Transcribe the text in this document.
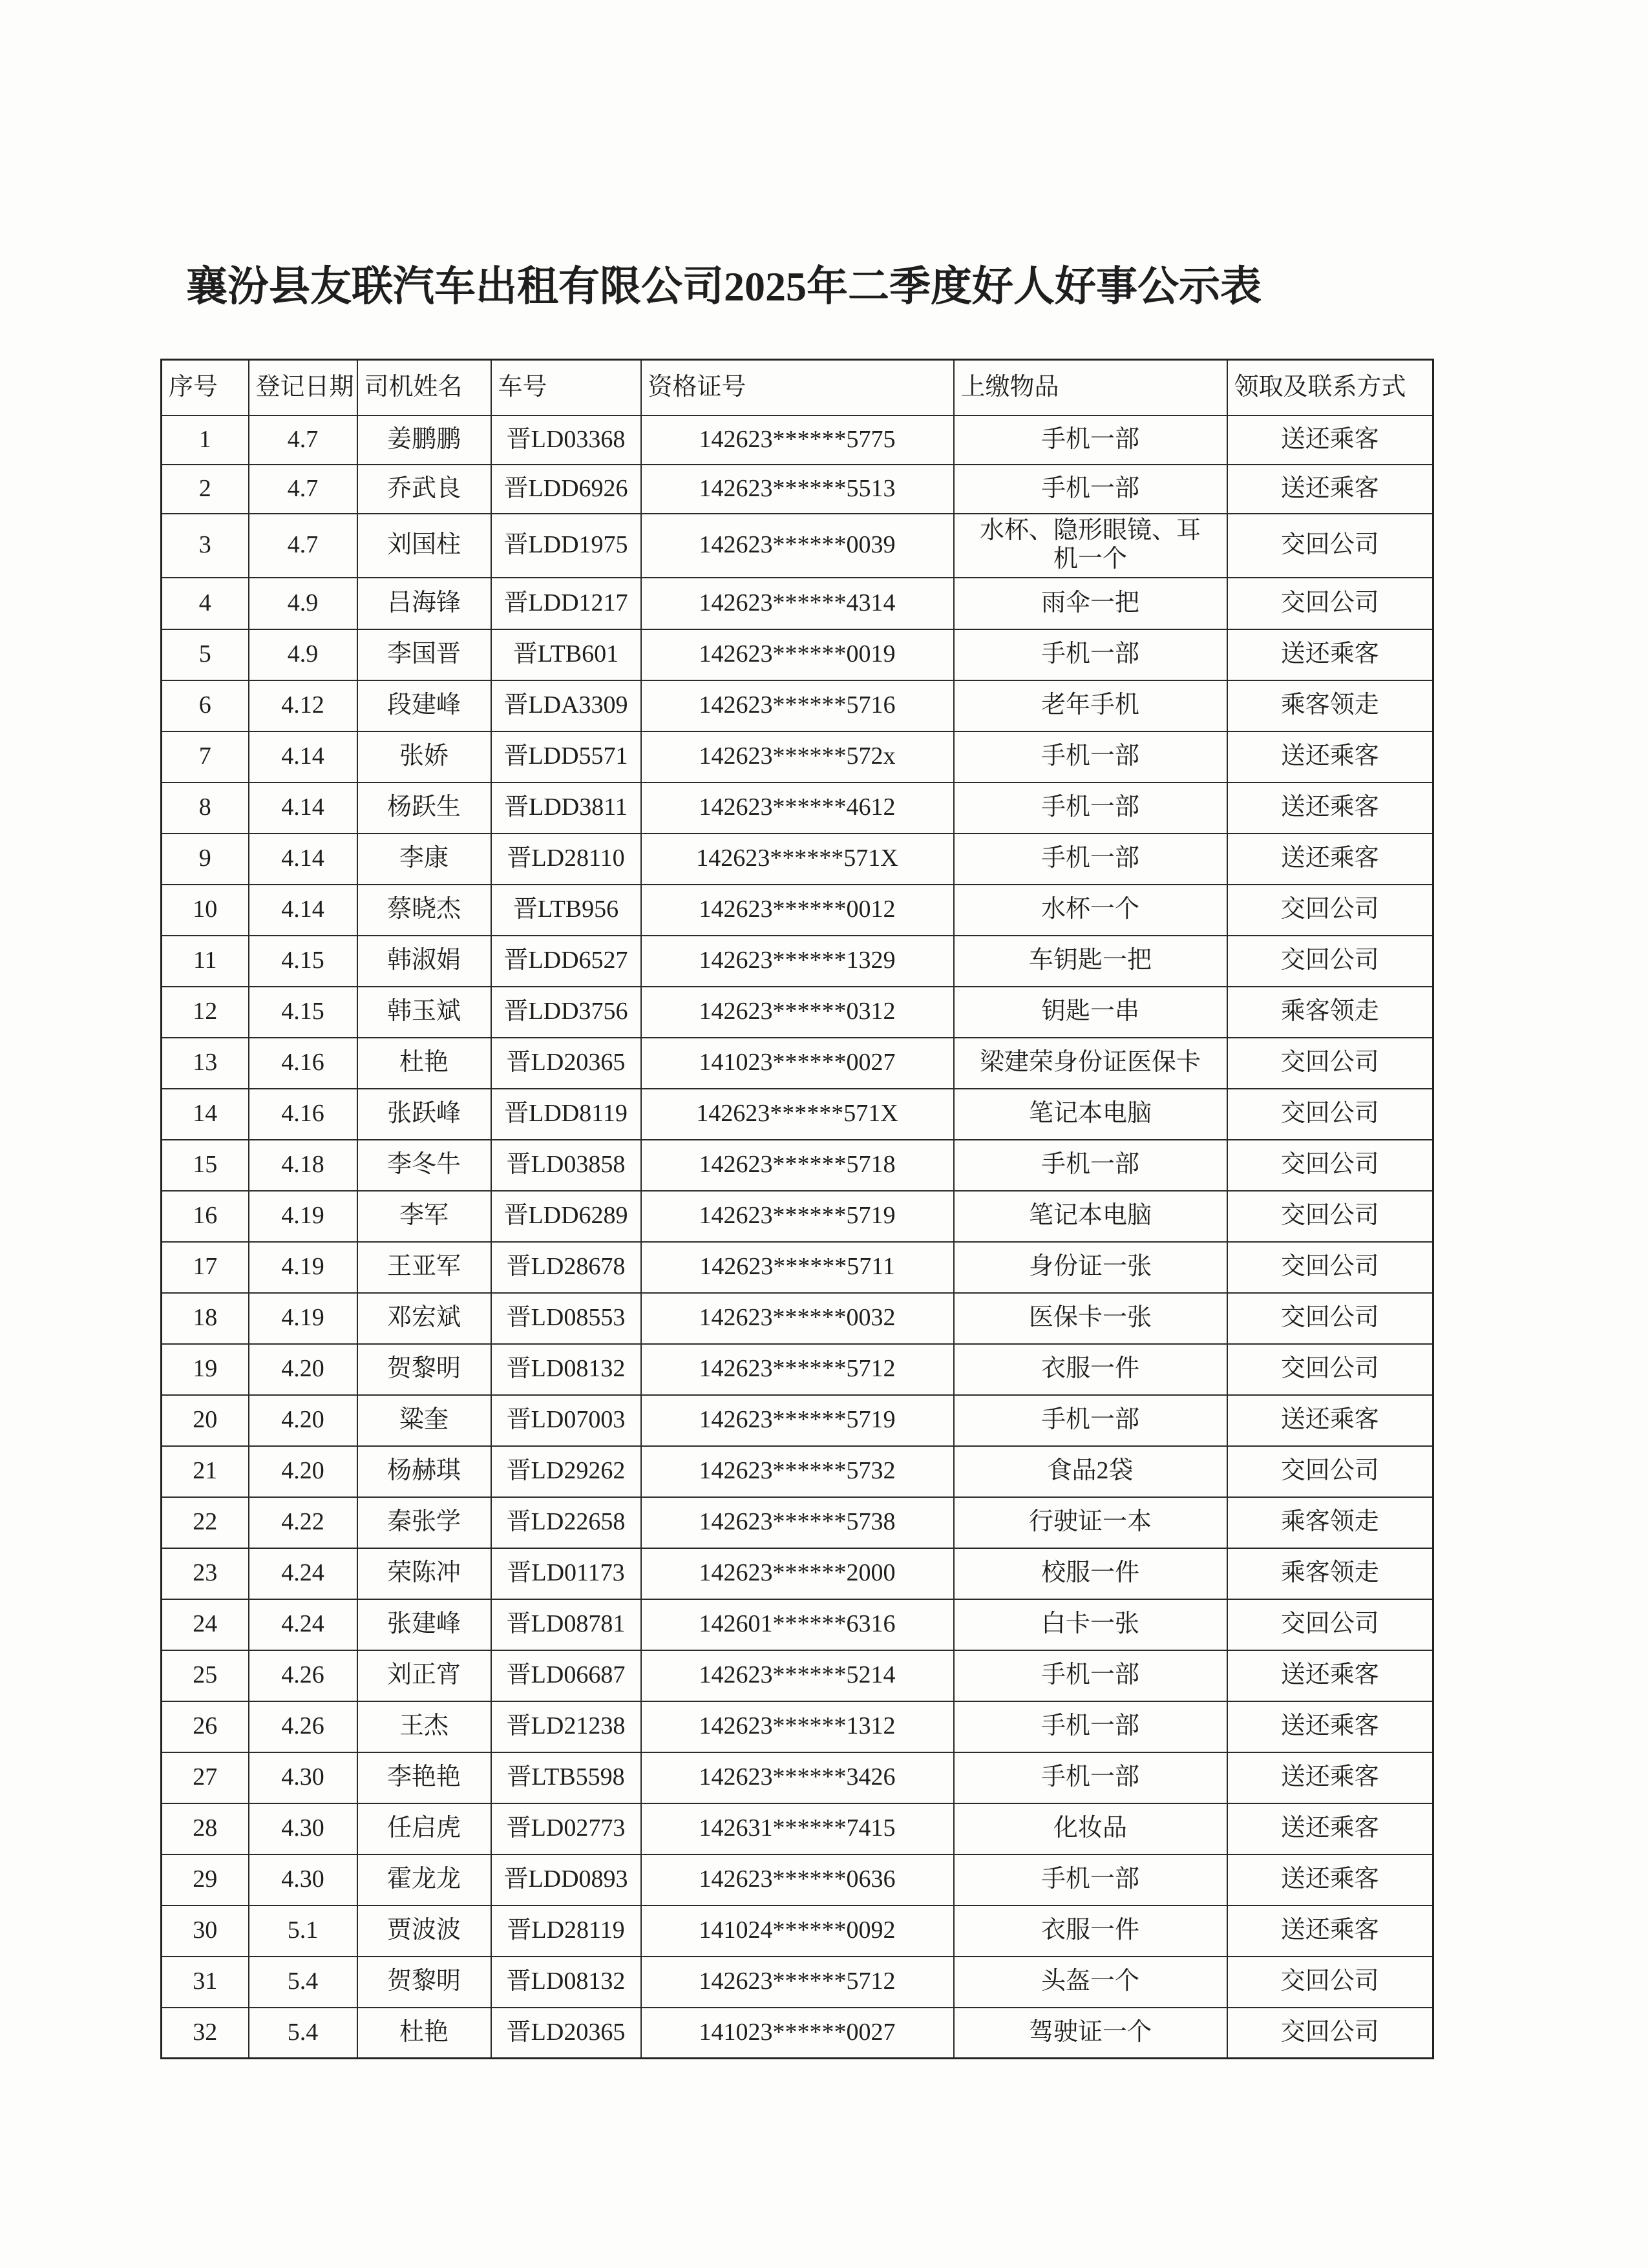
襄汾县友联汽车出租有限公司2025年二季度好人好事公示表
序号	登记日期	司机姓名	车号	资格证号	上缴物品	领取及联系方式
1	4.7	姜鹏鹏	晋LD03368	142623******5775	手机一部	送还乘客
2	4.7	乔武良	晋LDD6926	142623******5513	手机一部	送还乘客
3	4.7	刘国柱	晋LDD1975	142623******0039	水杯、隐形眼镜、耳机一个	交回公司
4	4.9	吕海锋	晋LDD1217	142623******4314	雨伞一把	交回公司
5	4.9	李国晋	晋LTB601	142623******0019	手机一部	送还乘客
6	4.12	段建峰	晋LDA3309	142623******5716	老年手机	乘客领走
7	4.14	张娇	晋LDD5571	142623******572x	手机一部	送还乘客
8	4.14	杨跃生	晋LDD3811	142623******4612	手机一部	送还乘客
9	4.14	李康	晋LD28110	142623******571X	手机一部	送还乘客
10	4.14	蔡晓杰	晋LTB956	142623******0012	水杯一个	交回公司
11	4.15	韩淑娟	晋LDD6527	142623******1329	车钥匙一把	交回公司
12	4.15	韩玉斌	晋LDD3756	142623******0312	钥匙一串	乘客领走
13	4.16	杜艳	晋LD20365	141023******0027	梁建荣身份证医保卡	交回公司
14	4.16	张跃峰	晋LDD8119	142623******571X	笔记本电脑	交回公司
15	4.18	李冬牛	晋LD03858	142623******5718	手机一部	交回公司
16	4.19	李军	晋LDD6289	142623******5719	笔记本电脑	交回公司
17	4.19	王亚军	晋LD28678	142623******5711	身份证一张	交回公司
18	4.19	邓宏斌	晋LD08553	142623******0032	医保卡一张	交回公司
19	4.20	贺黎明	晋LD08132	142623******5712	衣服一件	交回公司
20	4.20	粱奎	晋LD07003	142623******5719	手机一部	送还乘客
21	4.20	杨赫琪	晋LD29262	142623******5732	食品2袋	交回公司
22	4.22	秦张学	晋LD22658	142623******5738	行驶证一本	乘客领走
23	4.24	荣陈冲	晋LD01173	142623******2000	校服一件	乘客领走
24	4.24	张建峰	晋LD08781	142601******6316	白卡一张	交回公司
25	4.26	刘正宵	晋LD06687	142623******5214	手机一部	送还乘客
26	4.26	王杰	晋LD21238	142623******1312	手机一部	送还乘客
27	4.30	李艳艳	晋LTB5598	142623******3426	手机一部	送还乘客
28	4.30	任启虎	晋LD02773	142631******7415	化妆品	送还乘客
29	4.30	霍龙龙	晋LDD0893	142623******0636	手机一部	送还乘客
30	5.1	贾波波	晋LD28119	141024******0092	衣服一件	送还乘客
31	5.4	贺黎明	晋LD08132	142623******5712	头盔一个	交回公司
32	5.4	杜艳	晋LD20365	141023******0027	驾驶证一个	交回公司
